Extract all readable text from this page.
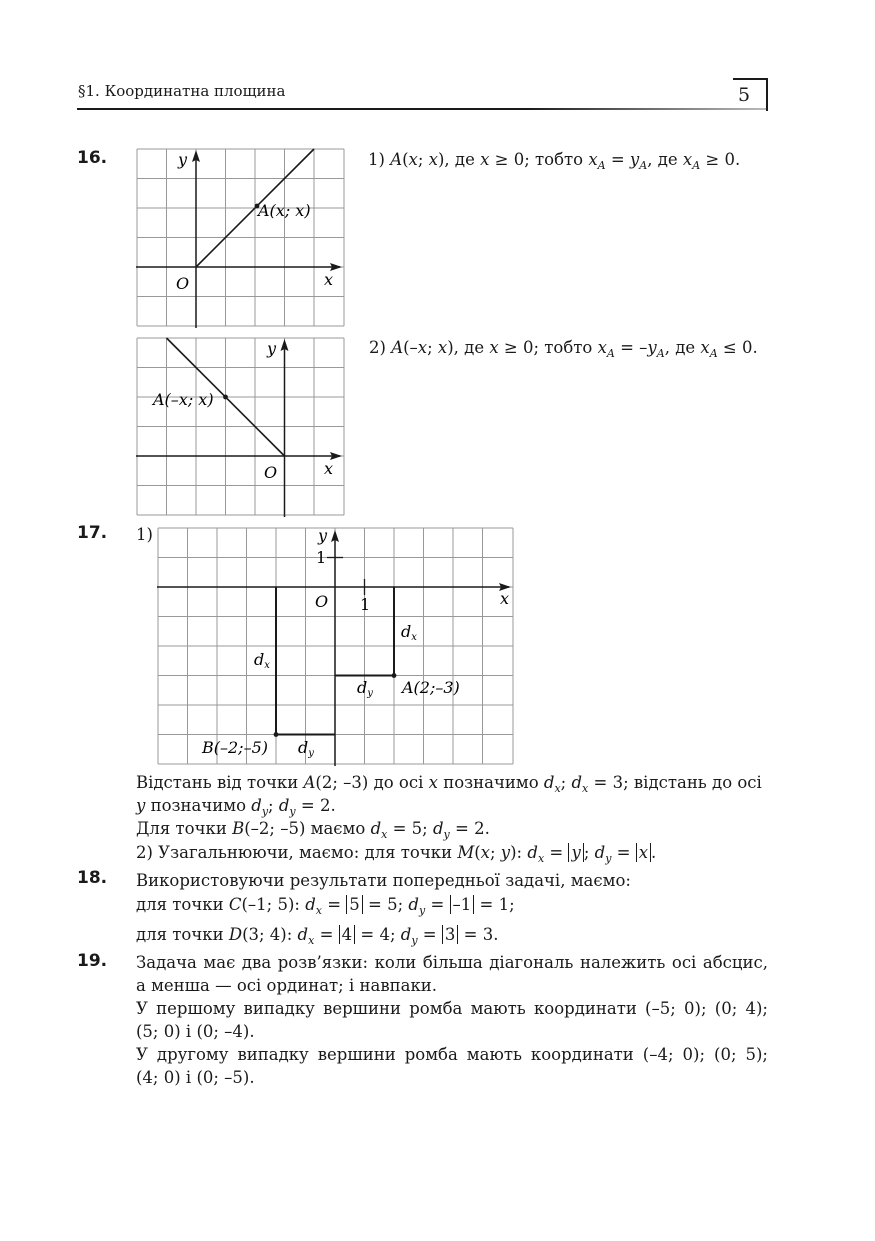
§1. Координатна площина	5
16.	y
x
O
A(x; x)
1) A(x; x), де x ≥ 0; тобто $x_A = y_A$, де $x_A \ge 0$.
y
x
O
A(–x; x)
2) A(–x; x), де x ≥ 0; тобто $x_A = -y_A$, де $x_A \le 0$.
17. 1)	y
1
x
O 1
dx
dy
dx
dy
A(2;–3)
B(–2;–5)
Відстань від точки A(2; –3) до осі x позначимо $d_x$; $d_x = 3$; відстань до осі
y позначимо $d_y$; $d_y = 2$.
Для точки B(–2; –5) маємо $d_x = 5$; $d_y = 2$.
2) Узагальнюючи, маємо: для точки M(x; y): $d_x = y$ ; $d_y = x$ .
18. Використовуючи результати попередньої задачі, маємо:
для точки C(–1; 5): $d_x = 5 = 5$; $d_y = -1 = 1$;
для точки D(3; 4): $d_x = 4 = 4$; $d_y = 3 = 3$.
19. Задача має два розв’язки: коли більша діагональ належить осі абсцис,
а менша — осі ординат; і навпаки.
У першому випадку вершини ромба мають координати (–5; 0); (0; 4);
(5; 0) і (0; –4).
У другому випадку вершини ромба мають координати (–4; 0); (0; 5);
(4; 0) і (0; –5).
